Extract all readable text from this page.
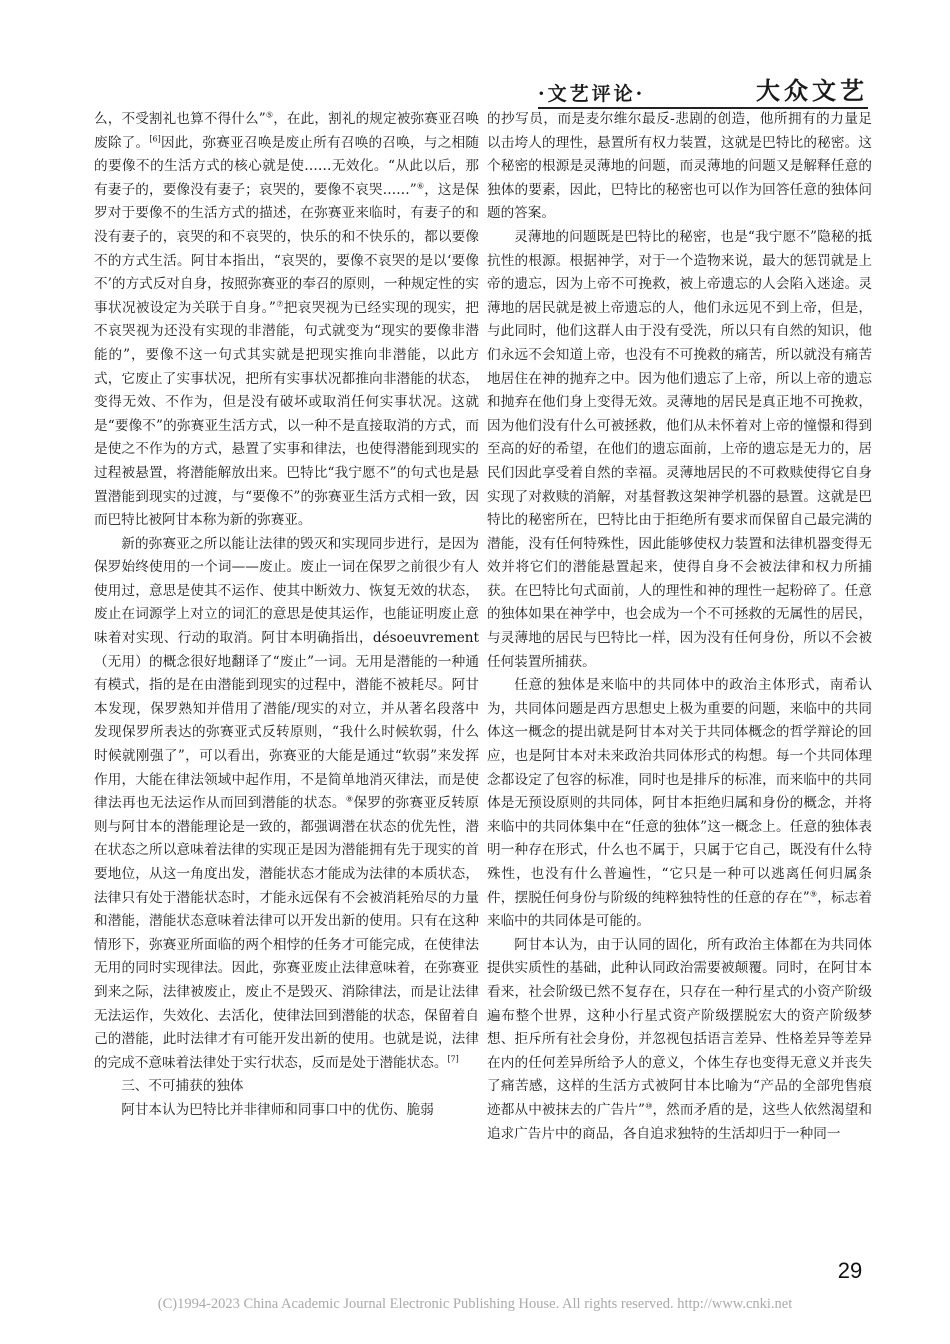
·文艺评论·	大众文艺

么，不受割礼也算不得什么”⑤，在此，割礼的规定被弥赛亚召唤废除了。[6]因此，弥赛亚召唤是废止所有召唤的召唤，与之相随的要像不的生活方式的核心就是使……无效化。“从此以后，那有妻子的，要像没有妻子；哀哭的，要像不哀哭……”⑥，这是保罗对于要像不的生活方式的描述，在弥赛亚来临时，有妻子的和没有妻子的，哀哭的和不哀哭的，快乐的和不快乐的，都以要像不的方式生活。阿甘本指出，“哀哭的，要像不哀哭的是以‘要像不’的方式反对自身，按照弥赛亚的奉召的原则，一种规定性的实事状况被设定为关联于自身。”⑦把哀哭视为已经实现的现实，把不哀哭视为还没有实现的非潜能，句式就变为“现实的要像非潜能的”，要像不这一句式其实就是把现实推向非潜能，以此方式，它废止了实事状况，把所有实事状况都推向非潜能的状态，变得无效、不作为，但是没有破坏或取消任何实事状况。这就是“要像不”的弥赛亚生活方式，以一种不是直接取消的方式，而是使之不作为的方式，悬置了实事和律法，也使得潜能到现实的过程被悬置，将潜能解放出来。巴特比“我宁愿不”的句式也是悬置潜能到现实的过渡，与“要像不”的弥赛亚生活方式相一致，因而巴特比被阿甘本称为新的弥赛亚。

新的弥赛亚之所以能让法律的毁灭和实现同步进行，是因为保罗始终使用的一个词——废止。废止一词在保罗之前很少有人使用过，意思是使其不运作、使其中断效力、恢复无效的状态，废止在词源学上对立的词汇的意思是使其运作，也能证明废止意味着对实现、行动的取消。阿甘本明确指出，désoeuvrement（无用）的概念很好地翻译了“废止”一词。无用是潜能的一种通有模式，指的是在由潜能到现实的过程中，潜能不被耗尽。阿甘本发现，保罗熟知并借用了潜能/现实的对立，并从著名段落中发现保罗所表达的弥赛亚式反转原则，“我什么时候软弱，什么时候就刚强了”，可以看出，弥赛亚的大能是通过“软弱”来发挥作用，大能在律法领域中起作用，不是简单地消灭律法，而是使律法再也无法运作从而回到潜能的状态。⑧保罗的弥赛亚反转原则与阿甘本的潜能理论是一致的，都强调潜在状态的优先性，潜在状态之所以意味着法律的实现正是因为潜能拥有先于现实的首要地位，从这一角度出发，潜能状态才能成为法律的本质状态，法律只有处于潜能状态时，才能永远保有不会被消耗殆尽的力量和潜能，潜能状态意味着法律可以开发出新的使用。只有在这种情形下，弥赛亚所面临的两个相悖的任务才可能完成，在使律法无用的同时实现律法。因此，弥赛亚废止法律意味着，在弥赛亚到来之际，法律被废止，废止不是毁灭、消除律法，而是让法律无法运作，失效化、去活化，使律法回到潜能的状态，保留着自己的潜能，此时法律才有可能开发出新的使用。也就是说，法律的完成不意味着法律处于实行状态，反而是处于潜能状态。[7]

三、不可捕获的独体

阿甘本认为巴特比并非律师和同事口中的优伤、脆弱

的抄写员，而是麦尔维尔最反-悲剧的创造，他所拥有的力量足以击垮人的理性，悬置所有权力装置，这就是巴特比的秘密。这个秘密的根源是灵薄地的问题，而灵薄地的问题又是解释任意的独体的要素，因此，巴特比的秘密也可以作为回答任意的独体问题的答案。

灵薄地的问题既是巴特比的秘密，也是“我宁愿不”隐秘的抵抗性的根源。根据神学，对于一个造物来说，最大的惩罚就是上帝的遗忘，因为上帝不可挽救，被上帝遗忘的人会陷入迷途。灵薄地的居民就是被上帝遗忘的人，他们永远见不到上帝，但是，与此同时，他们这群人由于没有受洗，所以只有自然的知识，他们永远不会知道上帝，也没有不可挽救的痛苦，所以就没有痛苦地居住在神的抛弃之中。因为他们遗忘了上帝，所以上帝的遗忘和抛弃在他们身上变得无效。灵薄地的居民是真正地不可挽救，因为他们没有什么可被拯救，他们从未怀着对上帝的憧憬和得到至高的好的希望，在他们的遗忘面前，上帝的遗忘是无力的，居民们因此享受着自然的幸福。灵薄地居民的不可救赎使得它自身实现了对救赎的消解，对基督教这架神学机器的悬置。这就是巴特比的秘密所在，巴特比由于拒绝所有要求而保留自己最完满的潜能，没有任何特殊性，因此能够使权力装置和法律机器变得无效并将它们的潜能悬置起来，使得自身不会被法律和权力所捕获。在巴特比句式面前，人的理性和神的理性一起粉碎了。任意的独体如果在神学中，也会成为一个不可拯救的无属性的居民，与灵薄地的居民与巴特比一样，因为没有任何身份，所以不会被任何装置所捕获。

任意的独体是来临中的共同体中的政治主体形式，南希认为，共同体问题是西方思想史上极为重要的问题，来临中的共同体这一概念的提出就是阿甘本对关于共同体概念的哲学辩论的回应，也是阿甘本对未来政治共同体形式的构想。每一个共同体理念都设定了包容的标准，同时也是排斥的标准，而来临中的共同体是无预设原则的共同体，阿甘本拒绝归属和身份的概念，并将来临中的共同体集中在“任意的独体”这一概念上。任意的独体表明一种存在形式，什么也不属于，只属于它自己，既没有什么特殊性，也没有什么普遍性，“它只是一种可以逃离任何归属条件，摆脱任何身份与阶级的纯粹独特性的任意的存在”⑨，标志着来临中的共同体是可能的。

阿甘本认为，由于认同的固化，所有政治主体都在为共同体提供实质性的基础，此种认同政治需要被颠覆。同时，在阿甘本看来，社会阶级已然不复存在，只存在一种行星式的小资产阶级遍布整个世界，这种小行星式资产阶级摆脱宏大的资产阶级梦想、拒斥所有社会身份，并忽视包括语言差异、性格差异等差异在内的任何差异所给予人的意义，个体生存也变得无意义并丧失了痛苦感，这样的生活方式被阿甘本比喻为“产品的全部兜售痕迹都从中被抹去的广告片”⑩，然而矛盾的是，这些人依然渴望和追求广告片中的商品，各自追求独特的生活却归于一种同一

29
(C)1994-2023 China Academic Journal Electronic Publishing House. All rights reserved. http://www.cnki.net
